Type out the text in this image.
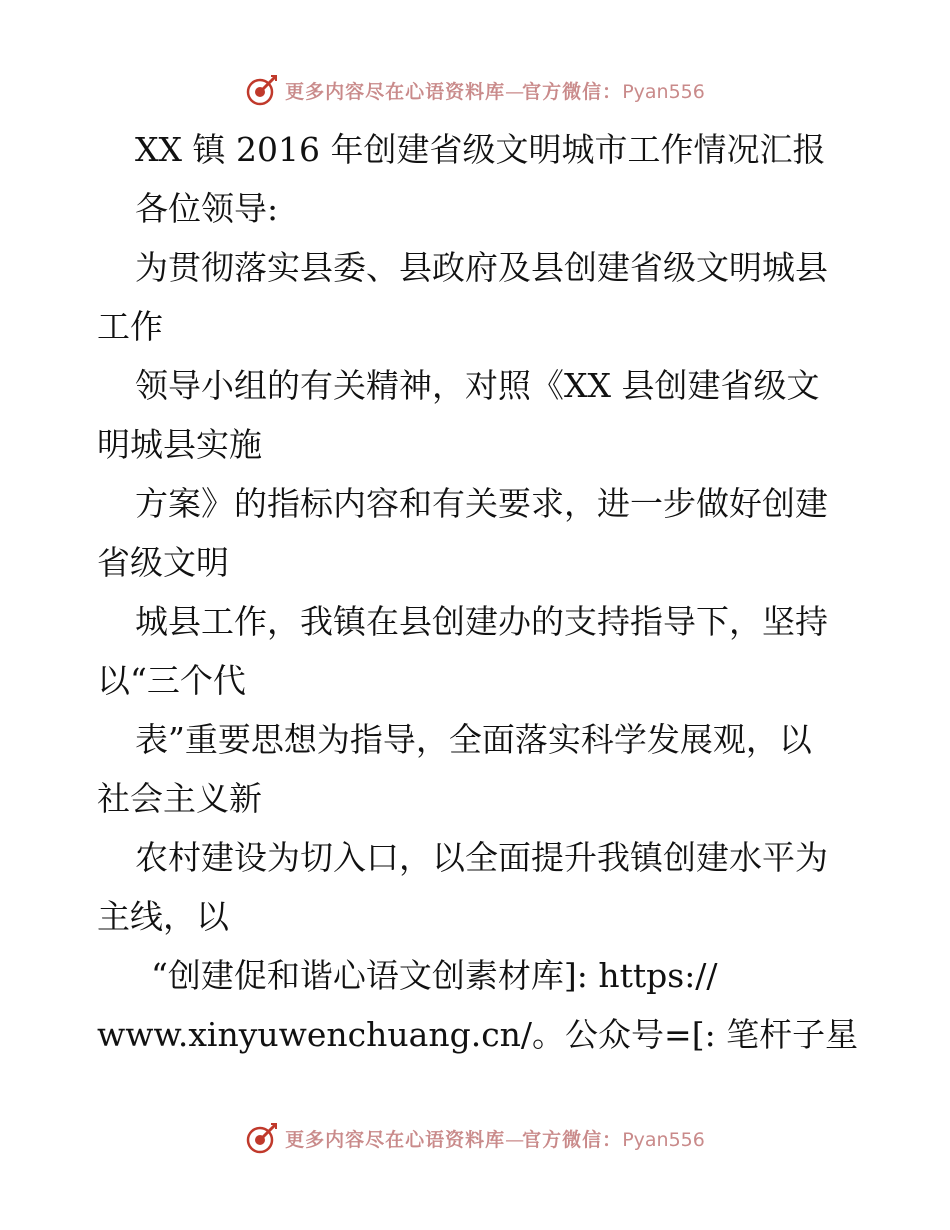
更多内容尽在心语资料库—官方微信：Pyan556
XX 镇 2016 年创建省级文明城市工作情况汇报
各位领导:
为贯彻落实县委、县政府及县创建省级文明城县
工作
领导小组的有关精神，对照《XX 县创建省级文
明城县实施
方案》的指标内容和有关要求，进一步做好创建
省级文明
城县工作，我镇在县创建办的支持指导下，坚持
以“三个代
表”重要思想为指导，全面落实科学发展观，以
社会主义新
农村建设为切入口，以全面提升我镇创建水平为
主线，以
“创建促和谐心语文创素材库]: https://
www.xinyuwenchuang.cn/。公众号=[: 笔杆子星
更多内容尽在心语资料库—官方微信：Pyan556
